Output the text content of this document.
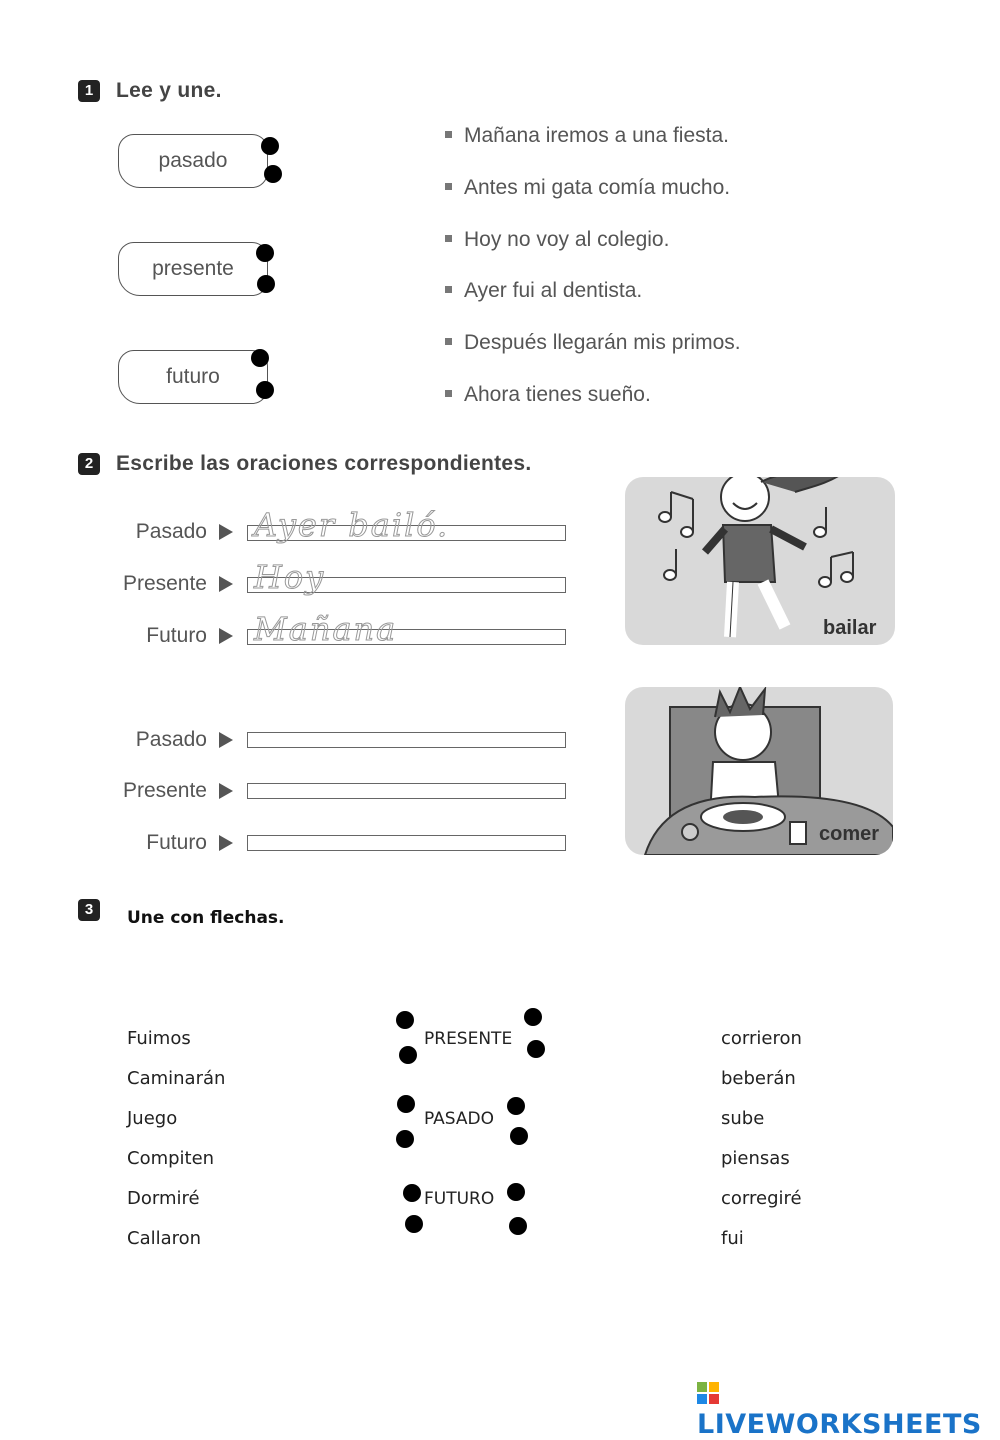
1	Lee y une.
pasado
presente
futuro
Mañana iremos a una fiesta.
Antes mi gata comía mucho.
Hoy no voy al colegio.
Ayer fui al dentista.
Después llegarán mis primos.
Ahora tienes sueño.
2	Escribe las oraciones correspondientes.
Pasado Ayer bailó.
Presente Hoy
Futuro Mañana	bailar
Pasado
Presente
Futuro	comer
3	Une con flechas.
Fuimos
Caminarán
Juego
Compiten
Dormiré
Callaron
PRESENTE
PASADO
FUTURO
corrieron
beberán
sube
piensas
corregiré
fui
LIVEWORKSHEETS
